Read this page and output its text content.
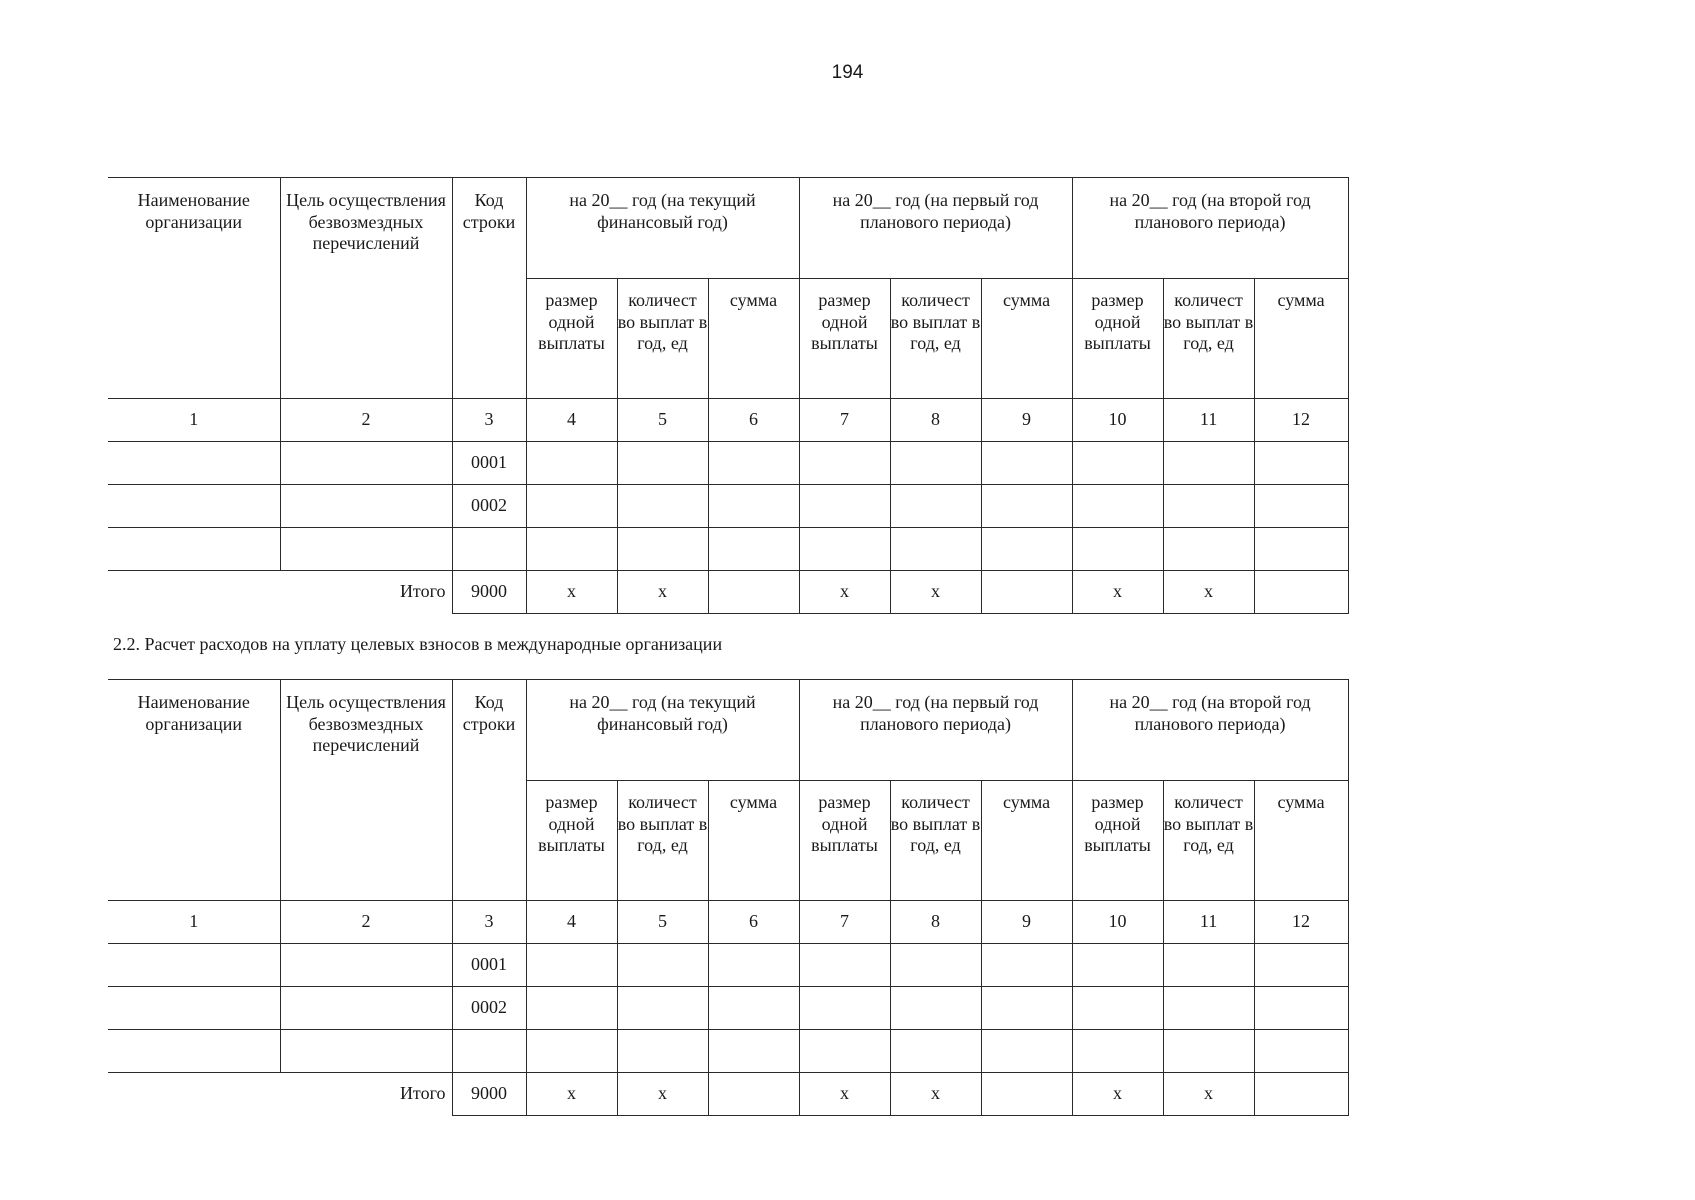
194
Наименование организации	Цель осуществления безвозмездных перечислений	Код строки	на 20__ год (на текущий финансовый год)			на 20__ год (на первый год планового периода)			на 20__ год (на второй год планового периода)		
			размер одной выплаты	количест во выплат в год, ед	сумма	размер одной выплаты	количест во выплат в год, ед	сумма	размер одной выплаты	количест во выплат в год, ед	сумма
1	2	3	4	5	6	7	8	9	10	11	12
		0001									
		0002									

Итого		9000	х	х		х	х		х	х	
2.2. Расчет расходов на уплату целевых взносов в международные организации
Наименование организации	Цель осуществления безвозмездных перечислений	Код строки	на 20__ год (на текущий финансовый год)			на 20__ год (на первый год планового периода)			на 20__ год (на второй год планового периода)		
			размер одной выплаты	количест во выплат в год, ед	сумма	размер одной выплаты	количест во выплат в год, ед	сумма	размер одной выплаты	количест во выплат в год, ед	сумма
1	2	3	4	5	6	7	8	9	10	11	12
		0001									
		0002									

Итого		9000	х	х		х	х		х	х	
